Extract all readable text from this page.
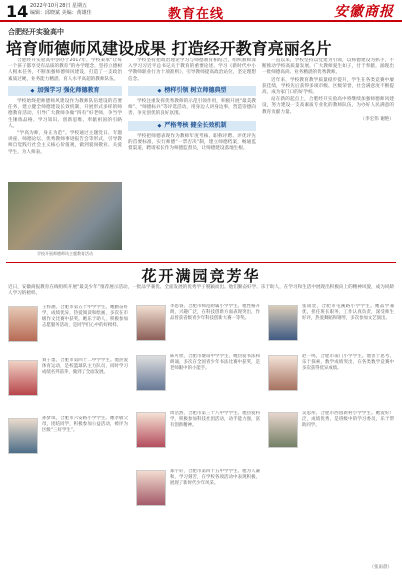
14 2022年10月28日 星期五
编辑：邱晓斌 美编：黄雄佳	教育在线	安徽商报
合肥经开实验高中
培育师德师风建设成果 打造经开教育亮丽名片

合肥经开实验高中创办于2017年，学校秉承“让每一个孩子都享受有品质的教育”的办学理念，坚持立德树人根本任务，不断加强师德师风建设，打造了一支政治素质过硬、业务能力精湛、育人水平高超的教师队伍。

◆ 加强学习 强化师德教育

学校始终把师德师风建设作为教师队伍建设的首要任务，建立健全师德建设长效机制，开展形式多样的师德教育活动，引导广大教师争做“四有”好老师，争当学生锤炼品格、学习知识、创新思维、奉献祖国的引路人。

“学高为师，身正为范”。学校通过主题党日、专题讲座、师德论坛、优秀教师事迹报告会等形式，引导教师自觉践行社会主义核心价值观，做到爱岗敬业、关爱学生、为人师表。

学校开展师德师风主题教育活动

学校坚持把政治理论学习与师德教育相结合，组织教师深入学习习近平总书记关于教育的重要论述，学习《新时代中小学教师职业行为十项准则》，引导教师提高政治站位，坚定理想信念。

◆ 榜样引领 树立师德典型

学校注重发挥优秀教师的示范引领作用，积极开展“最美教师”、“师德标兵”等评选活动，用身边人讲身边事，营造崇德向善、争先创优的良好氛围。

◆ 严格考核 健全长效机制

学校把师德表现作为教师年度考核、职称评聘、评优评先的首要标准，实行师德“一票否决”制，建立师德档案，畅通监督渠道，聘请家长作为师德监督员，让师德建设落地生根。

一直以来，学校坚持以党建为引领，以师德建设为抓手，不断推动学校高质量发展。广大教师爱生如子，甘于奉献，涌现出一批师德高尚、业务精湛的优秀教师。

近年来，学校教育教学质量稳步提升，学生在各类竞赛中屡获佳绩，学校先后获得多项市级、区级荣誉，社会满意度不断提高，成为家门口的好学校。

站在新的起点上，合肥经开实验高中将继续加强师德师风建设，努力建设一支高素质专业化的教师队伍，为办好人民满意的教育贡献力量。

（李宏伟 谢艳）

花开满园竞芳华
近日，安徽商报教育在线组织开展“最美少年”推荐展示活动，一批品学兼优、全面发展的优秀学子脱颖而出。他们勤奋好学、乐于助人，在学习和生活中展现出积极向上的精神风貌，成为同龄人学习的榜样。
王梓涵，合肥市第五十中学学生。她勤奋好学，成绩优异，热爱阅读和绘画，多次在市级作文比赛中获奖。她乐于助人，积极参加志愿服务活动，是同学们心中的好榜样。
李思睿，合肥市师范附属小学学生。他性格开朗，兴趣广泛，在科技创新方面表现突出，作品曾获省级青少年科技创新大赛一等奖。
张雨萱，合肥市屯溪路小学学生。她品学兼优，担任班长职务，工作认真负责，深受师生好评，热爱舞蹈和钢琴，多次参加文艺演出。
刘子墨，合肥市第四十二中学学生。他热爱体育运动，是校篮球队主力队员，同时学习成绩名列前茅，做到了全面发展。
陈可欣，合肥市琥珀中学学生。她热爱书法和朗诵，多次在全国青少年书法比赛中获奖，是老师眼中的小能手。
赵一鸣，合肥市南门小学学生。他善于思考，乐于探索，数学成绩突出，在各类数学竞赛中多次获得优异成绩。
孙梦琪，合肥市六安路小学学生。她孝敬父母，团结同学，积极参加公益活动，被评为区级“三好学生”。
周浩然，合肥市第三十八中学学生。他热爱科学，积极参加科技社团活动，动手能力强，富有创新精神。
吴思彤，合肥市西园新村小学学生。她爱好广泛，成绩优秀，是班级中的学习委员，乐于帮助同学。
郑宇轩，合肥市第四十五中学学生。他为人谦和，学习刻苦，在学校各项活动中表现积极，展现了新时代少年风采。
（张雨晨）
